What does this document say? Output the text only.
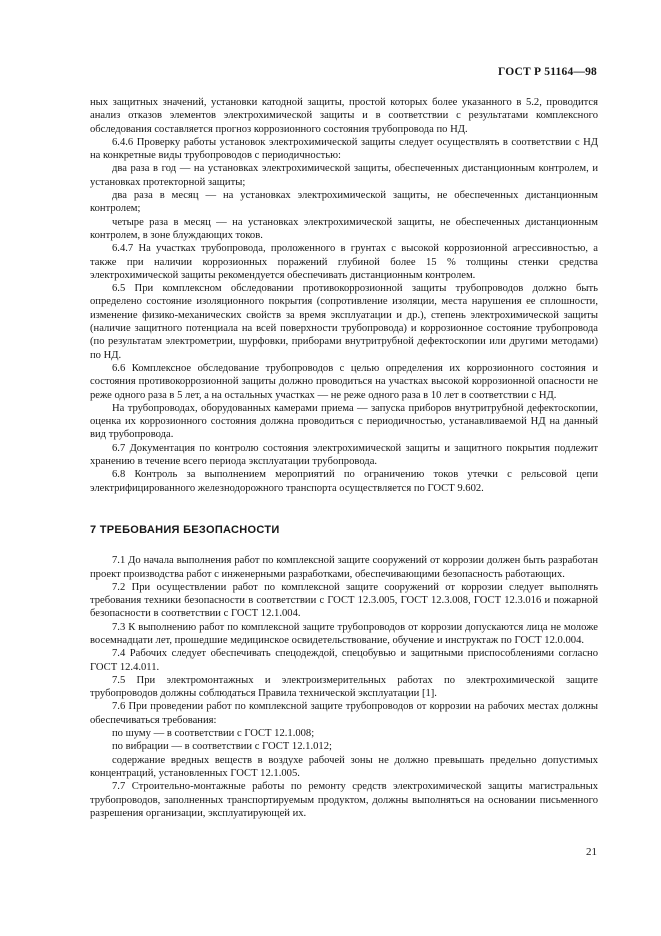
ГОСТ Р 51164—98

ных защитных значений, установки катодной защиты, простой которых более указанного в 5.2, проводится анализ отказов элементов электрохимической защиты и в соответствии с результатами комплексного обследования составляется прогноз коррозионного состояния трубопровода по НД.

6.4.6 Проверку работы установок электрохимической защиты следует осуществлять в соответствии с НД на конкретные виды трубопроводов с периодичностью:

два раза в год — на установках электрохимической защиты, обеспеченных дистанционным контролем, и установках протекторной защиты;

два раза в месяц — на установках электрохимической защиты, не обеспеченных дистанционным контролем;

четыре раза в месяц — на установках электрохимической защиты, не обеспеченных дистанционным контролем, в зоне блуждающих токов.

6.4.7 На участках трубопровода, проложенного в грунтах с высокой коррозионной агрессивностью, а также при наличии коррозионных поражений глубиной более 15 % толщины стенки средства электрохимической защиты рекомендуется обеспечивать дистанционным контролем.

6.5 При комплексном обследовании противокоррозионной защиты трубопроводов должно быть определено состояние изоляционного покрытия (сопротивление изоляции, места нарушения ее сплошности, изменение физико-механических свойств за время эксплуатации и др.), степень электрохимической защиты (наличие защитного потенциала на всей поверхности трубопровода) и коррозионное состояние трубопровода (по результатам электрометрии, шурфовки, приборами внутритрубной дефектоскопии или другими методами) по НД.

6.6 Комплексное обследование трубопроводов с целью определения их коррозионного состояния и состояния противокоррозионной защиты должно проводиться на участках высокой коррозионной опасности не реже одного раза в 5 лет, а на остальных участках — не реже одного раза в 10 лет в соответствии с НД.

На трубопроводах, оборудованных камерами приема — запуска приборов внутритрубной дефектоскопии, оценка их коррозионного состояния должна проводиться с периодичностью, устанавливаемой НД на данный вид трубопровода.

6.7 Документация по контролю состояния электрохимической защиты и защитного покрытия подлежит хранению в течение всего периода эксплуатации трубопровода.

6.8 Контроль за выполнением мероприятий по ограничению токов утечки с рельсовой цепи электрифицированного железнодорожного транспорта осуществляется по ГОСТ 9.602.

7 ТРЕБОВАНИЯ БЕЗОПАСНОСТИ

7.1 До начала выполнения работ по комплексной защите сооружений от коррозии должен быть разработан проект производства работ с инженерными разработками, обеспечивающими безопасность работающих.

7.2 При осуществлении работ по комплексной защите сооружений от коррозии следует выполнять требования техники безопасности в соответствии с ГОСТ 12.3.005, ГОСТ 12.3.008, ГОСТ 12.3.016 и пожарной безопасности в соответствии с ГОСТ 12.1.004.

7.3 К выполнению работ по комплексной защите трубопроводов от коррозии допускаются лица не моложе восемнадцати лет, прошедшие медицинское освидетельствование, обучение и инструктаж по ГОСТ 12.0.004.

7.4 Рабочих следует обеспечивать спецодеждой, спецобувью и защитными приспособлениями согласно ГОСТ 12.4.011.

7.5 При электромонтажных и электроизмерительных работах по электрохимической защите трубопроводов должны соблюдаться Правила технической эксплуатации [1].

7.6 При проведении работ по комплексной защите трубопроводов от коррозии на рабочих местах должны обеспечиваться требования:

по шуму — в соответствии с ГОСТ 12.1.008;

по вибрации — в соответствии с ГОСТ 12.1.012;

содержание вредных веществ в воздухе рабочей зоны не должно превышать предельно допустимых концентраций, установленных ГОСТ 12.1.005.

7.7 Строительно-монтажные работы по ремонту средств электрохимической защиты магистральных трубопроводов, заполненных транспортируемым продуктом, должны выполняться на основании письменного разрешения организации, эксплуатирующей их.

21
